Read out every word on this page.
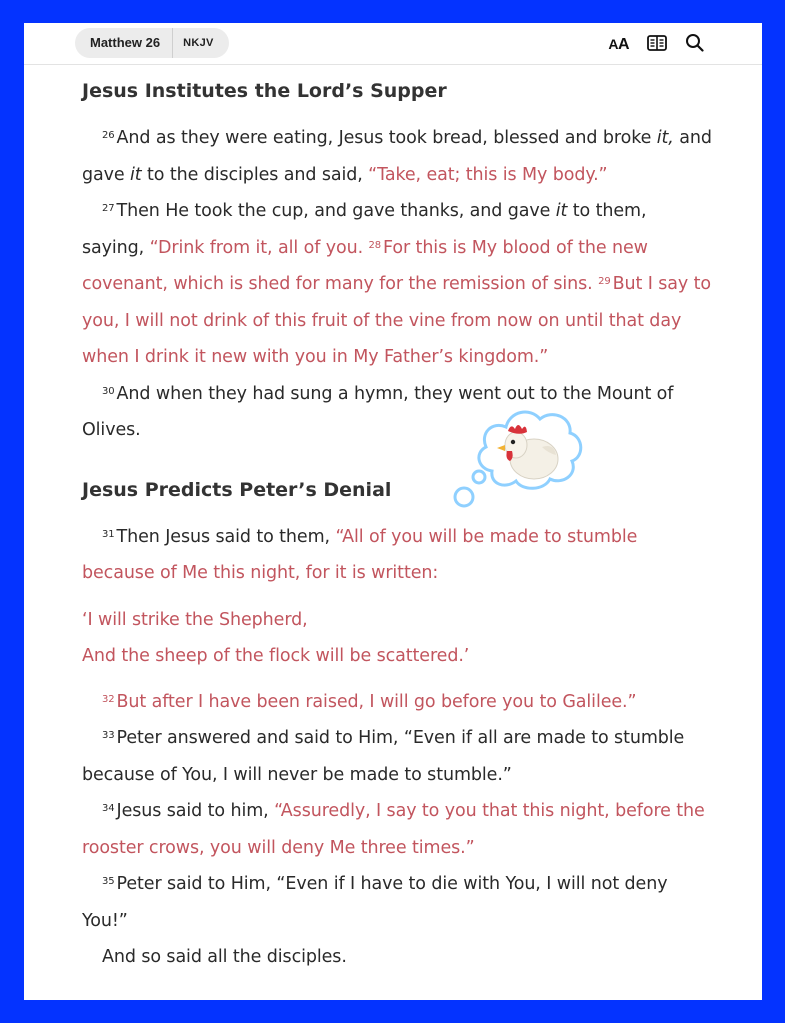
Matthew 26	NKJV	AA
Jesus Institutes the Lord’s Supper

$^{26}$ And as they were eating, Jesus took bread, blessed and broke it, and gave it to the disciples and said, “Take, eat; this is My body.”

$^{27}$ Then He took the cup, and gave thanks, and gave it to them, saying, “Drink from it, all of you. $^{28}$ For this is My blood of the new covenant, which is shed for many for the remission of sins. $^{29}$ But I say to you, I will not drink of this fruit of the vine from now on until that day when I drink it new with you in My Father’s kingdom.”

$^{30}$ And when they had sung a hymn, they went out to the Mount of Olives.

Jesus Predicts Peter’s Denial

$^{31}$ Then Jesus said to them, “All of you will be made to stumble because of Me this night, for it is written:

‘I will strike the Shepherd,

And the sheep of the flock will be scattered.’

$^{32}$ But after I have been raised, I will go before you to Galilee.”

$^{33}$ Peter answered and said to Him, “Even if all are made to stumble because of You, I will never be made to stumble.”

$^{34}$ Jesus said to him, “Assuredly, I say to you that this night, before the rooster crows, you will deny Me three times.”

$^{35}$ Peter said to Him, “Even if I have to die with You, I will not deny You!”

And so said all the disciples.
